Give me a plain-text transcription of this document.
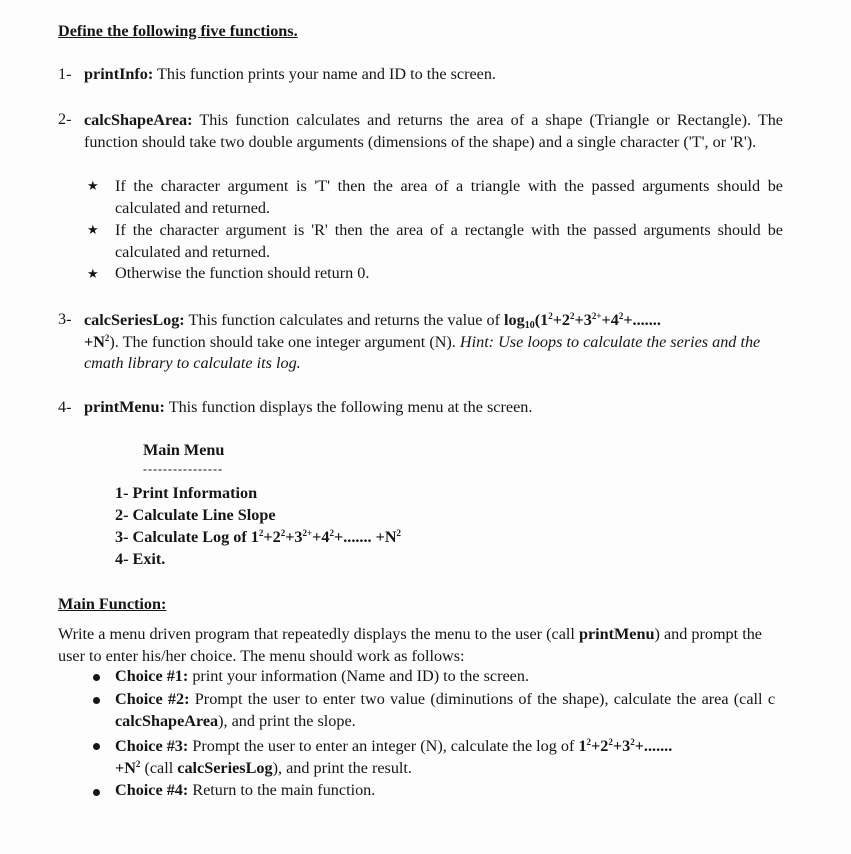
Define the following five functions.
1- printInfo: This function prints your name and ID to the screen.
2- calcShapeArea: This function calculates and returns the area of a shape (Triangle or Rectangle). The function should take two double arguments (dimensions of the shape) and a single character ('T', or 'R').
★	If the character argument is 'T' then the area of a triangle with the passed arguments should be calculated and returned.
★	If the character argument is 'R' then the area of a rectangle with the passed arguments should be calculated and returned.
★	Otherwise the function should return 0.
3- calcSeriesLog: This function calculates and returns the value of $\log_{10}(1^2+2^2+3^{2+}+4^2+$.......
$+N^2$). The function should take one integer argument (N). Hint: Use loops to calculate the series and the cmath library to calculate its log.
4- printMenu: This function displays the following menu at the screen.
Main Menu
----------------
1- Print Information
2- Calculate Line Slope
3- Calculate Log of $1^2+2^2+3^{2+}+4^2+$....... $+N^2$
4- Exit.
Main Function:
Write a menu driven program that repeatedly displays the menu to the user (call printMenu) and prompt the user to enter his/her choice. The menu should work as follows:
Choice #1: print your information (Name and ID) to the screen.
Choice #2: Prompt the user to enter two value (diminutions of the shape), calculate the area (call c calcShapeArea), and print the slope.
Choice #3: Prompt the user to enter an integer (N), calculate the log of $1^2+2^2+3^2+$.......
$+N^2$ (call calcSeriesLog), and print the result.
Choice #4: Return to the main function.
